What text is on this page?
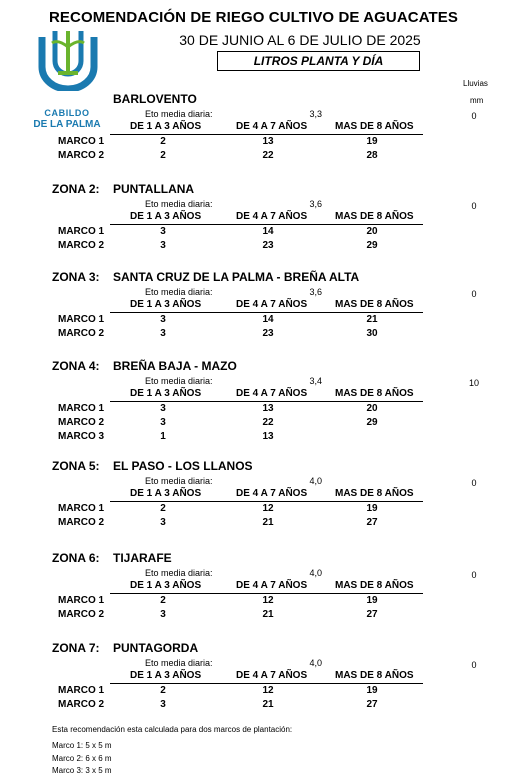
RECOMENDACIÓN DE RIEGO CULTIVO DE AGUACATES
30 DE JUNIO AL 6 DE JULIO DE 2025
LITROS PLANTA Y DÍA
Lluvias
mm
CABILDO
DE LA PALMA
BARLOVENTO
Eto media diaria:	3,3	0
DE 1 A 3 AÑOS	DE 4 A 7 AÑOS	MAS DE 8 AÑOS
MARCO 1	2	13	19
MARCO 2	2	22	28
ZONA 2: PUNTALLANA
Eto media diaria:	3,6	0
DE 1 A 3 AÑOS	DE 4 A 7 AÑOS	MAS DE 8 AÑOS
MARCO 1	3	14	20
MARCO 2	3	23	29
ZONA 3: SANTA CRUZ DE LA PALMA - BREÑA ALTA
Eto media diaria:	3,6	0
DE 1 A 3 AÑOS	DE 4 A 7 AÑOS	MAS DE 8 AÑOS
MARCO 1	3	14	21
MARCO 2	3	23	30
ZONA 4: BREÑA BAJA - MAZO
Eto media diaria:	3,4	10
DE 1 A 3 AÑOS	DE 4 A 7 AÑOS	MAS DE 8 AÑOS
MARCO 1	3	13	20
MARCO 2	3	22	29
MARCO 3	1	13
ZONA 5: EL PASO - LOS LLANOS
Eto media diaria:	4,0	0
DE 1 A 3 AÑOS	DE 4 A 7 AÑOS	MAS DE 8 AÑOS
MARCO 1	2	12	19
MARCO 2	3	21	27
ZONA 6: TIJARAFE
Eto media diaria:	4,0	0
DE 1 A 3 AÑOS	DE 4 A 7 AÑOS	MAS DE 8 AÑOS
MARCO 1	2	12	19
MARCO 2	3	21	27
ZONA 7: PUNTAGORDA
Eto media diaria:	4,0	0
DE 1 A 3 AÑOS	DE 4 A 7 AÑOS	MAS DE 8 AÑOS
MARCO 1	2	12	19
MARCO 2	3	21	27
Esta recomendación esta calculada para dos marcos de plantación:
Marco 1: 5 x 5 m
Marco 2: 6 x 6 m
Marco 3: 3 x 5 m
